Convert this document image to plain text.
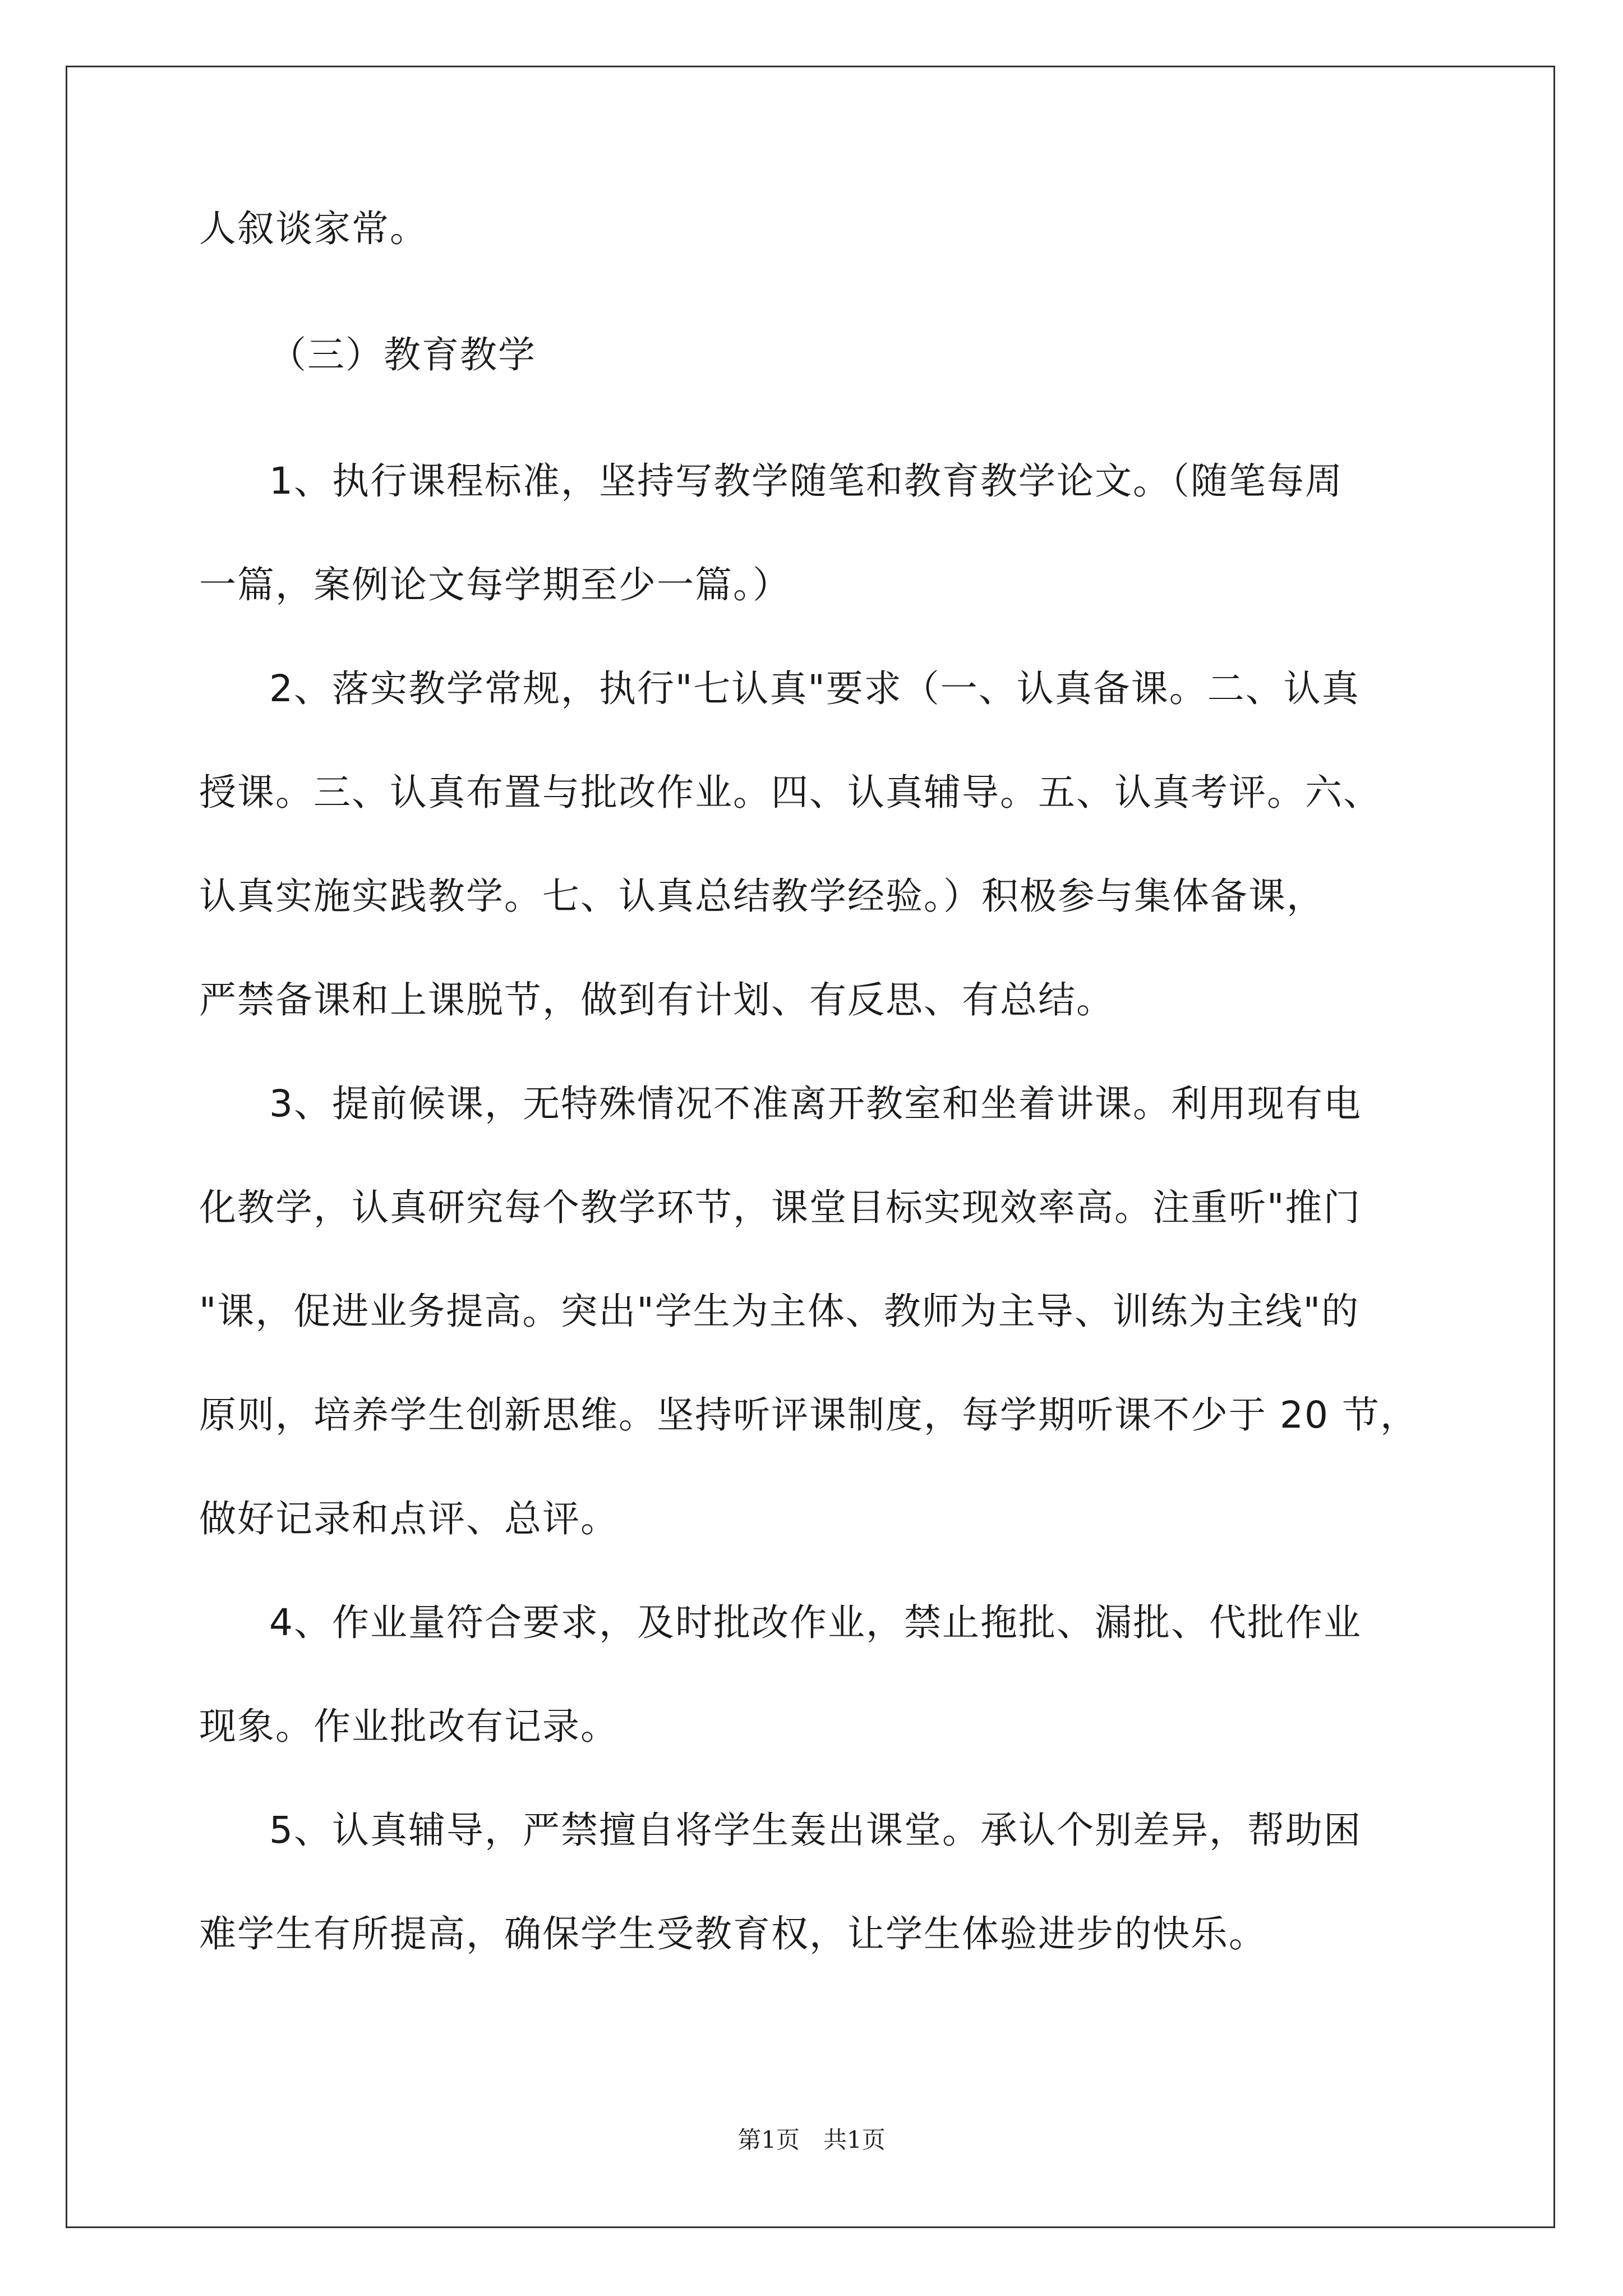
人叙谈家常。

（三）教育教学

1、执行课程标准，坚持写教学随笔和教育教学论文。（随笔每周

一篇，案例论文每学期至少一篇。）

2、落实教学常规，执行"七认真"要求（一、认真备课。二、认真

授课。三、认真布置与批改作业。四、认真辅导。五、认真考评。六、

认真实施实践教学。七、认真总结教学经验。）积极参与集体备课，

严禁备课和上课脱节，做到有计划、有反思、有总结。

3、提前候课，无特殊情况不准离开教室和坐着讲课。利用现有电

化教学，认真研究每个教学环节，课堂目标实现效率高。注重听"推门

"课，促进业务提高。突出"学生为主体、教师为主导、训练为主线"的

原则，培养学生创新思维。坚持听评课制度，每学期听课不少于 20 节，

做好记录和点评、总评。

4、作业量符合要求，及时批改作业，禁止拖批、漏批、代批作业

现象。作业批改有记录。

5、认真辅导，严禁擅自将学生轰出课堂。承认个别差异，帮助困

难学生有所提高，确保学生受教育权，让学生体验进步的快乐。

第1页　共1页
